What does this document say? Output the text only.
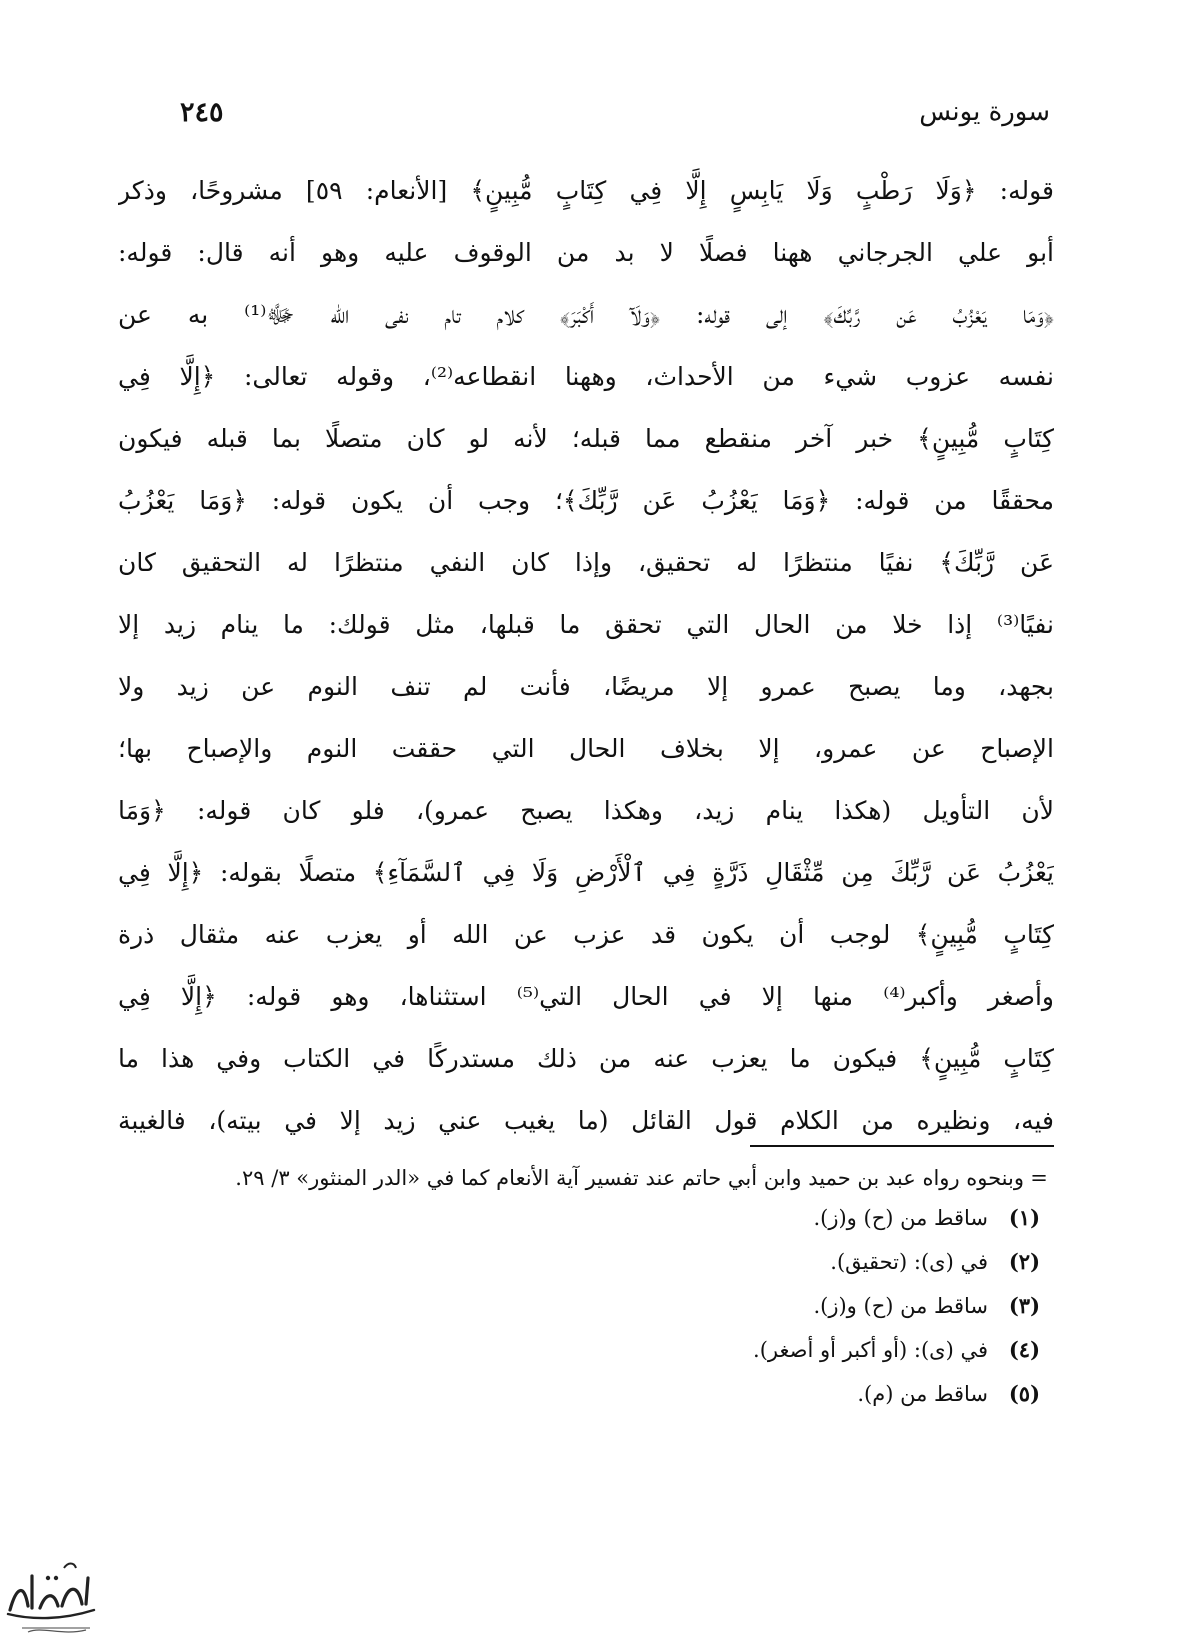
سورة يونس
٢٤٥
قوله: ﴿وَلَا رَطْبٍ وَلَا يَابِسٍ إِلَّا فِي كِتَابٍ مُّبِينٍ﴾ [الأنعام: ٥٩] مشروحًا، وذكر
أبو علي الجرجاني ههنا فصلًا لا بد من الوقوف عليه وهو أنه قال: قوله:
﴿وَمَا يَعْزُبُ عَن رَّبِّكَ﴾ إلى قوله: ﴿وَلَآ أَكْبَرَ﴾ كلام تام نفى الله ﷻ⁽¹⁾ به عن
نفسه عزوب شيء من الأحداث، وههنا انقطاعه⁽²⁾، وقوله تعالى: ﴿إِلَّا فِي
كِتَابٍ مُّبِينٍ﴾ خبر آخر منقطع مما قبله؛ لأنه لو كان متصلًا بما قبله فيكون
محققًا من قوله: ﴿وَمَا يَعْزُبُ عَن رَّبِّكَ﴾؛ وجب أن يكون قوله: ﴿وَمَا يَعْزُبُ
عَن رَّبِّكَ﴾ نفيًا منتظرًا له تحقيق، وإذا كان النفي منتظرًا له التحقيق كان
نفيًا⁽³⁾ إذا خلا من الحال التي تحقق ما قبلها، مثل قولك: ما ينام زيد إلا
بجهد، وما يصبح عمرو إلا مريضًا، فأنت لم تنف النوم عن زيد ولا
الإصباح عن عمرو، إلا بخلاف الحال التي حققت النوم والإصباح بها؛
لأن التأويل (هكذا ينام زيد، وهكذا يصبح عمرو)، فلو كان قوله: ﴿وَمَا
يَعْزُبُ عَن رَّبِّكَ مِن مِّثْقَالِ ذَرَّةٍ فِي ٱلْأَرْضِ وَلَا فِي ٱلسَّمَآءِ﴾ متصلًا بقوله: ﴿إِلَّا فِي
كِتَابٍ مُّبِينٍ﴾ لوجب أن يكون قد عزب عن الله أو يعزب عنه مثقال ذرة
وأصغر وأكبر⁽⁴⁾ منها إلا في الحال التي⁽⁵⁾ استثناها، وهو قوله: ﴿إِلَّا فِي
كِتَابٍ مُّبِينٍ﴾ فيكون ما يعزب عنه من ذلك مستدركًا في الكتاب وفي هذا ما
فيه، ونظيره من الكلام قول القائل (ما يغيب عني زيد إلا في بيته)، فالغيبة
=
وبنحوه رواه عبد بن حميد وابن أبي حاتم عند تفسير آية الأنعام كما في «الدر المنثور» ٣/ ٢٩.
(١)
ساقط من (ح) و(ز).
(٢)
في (ى): (تحقيق).
(٣)
ساقط من (ح) و(ز).
(٤)
في (ى): (أو أكبر أو أصغر).
(٥)
ساقط من (م).
